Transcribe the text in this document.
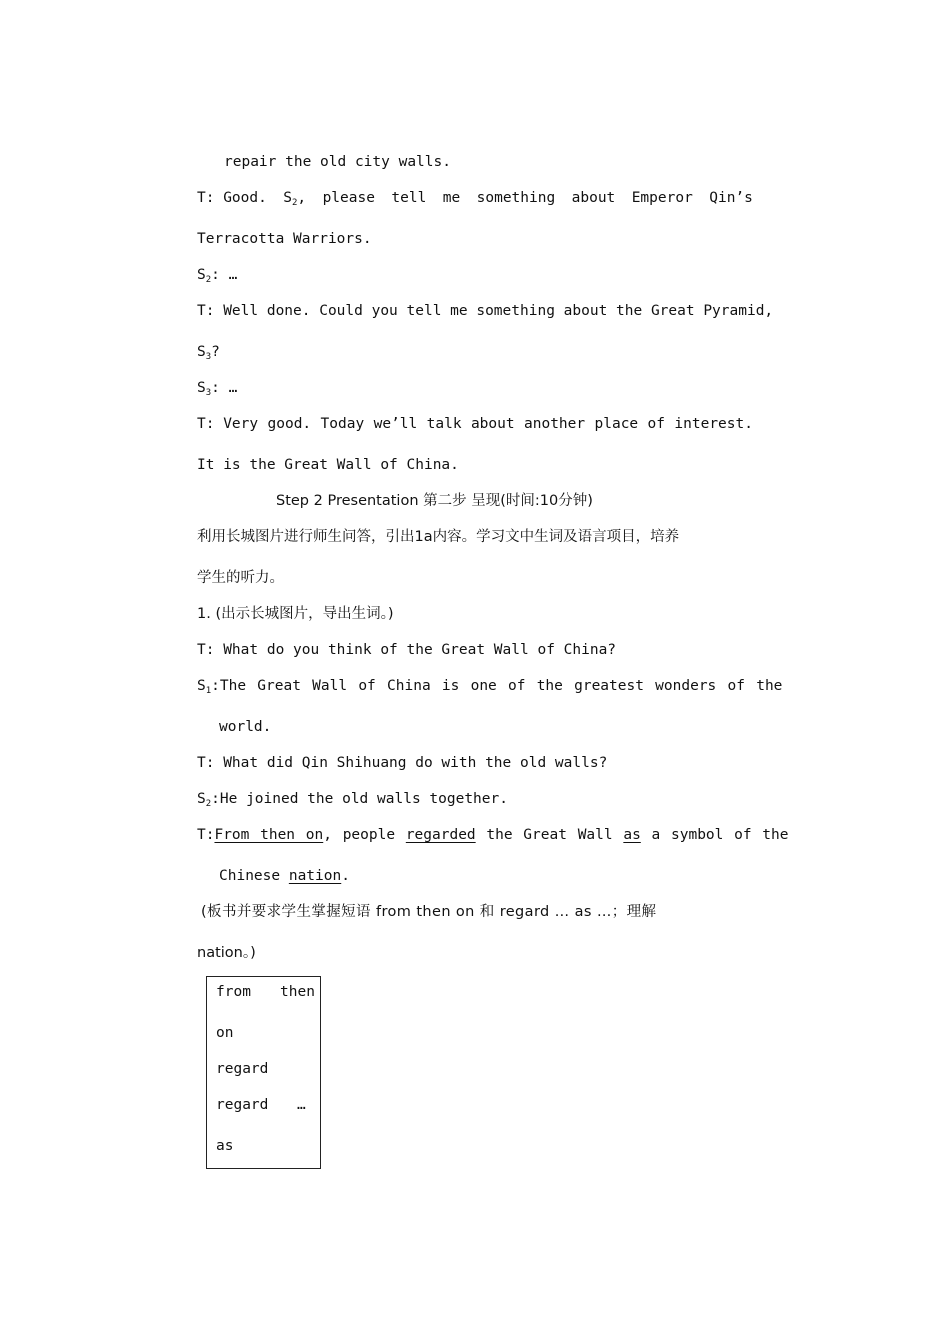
repair the old city walls.
T: Good. $S_2$, please tell me something about Emperor Qin’s
Terracotta Warriors.
$S_2$: …
T: Well done. Could you tell me something about the Great Pyramid,
$S_3$?
$S_3$: …
T: Very good. Today we’ll talk about another place of interest.
It is the Great Wall of China.
Step 2 Presentation 第二步 呈现(时间:10分钟)
利用长城图片进行师生问答，引出1a内容。学习文中生词及语言项目，培养
学生的听力。
1. (出示长城图片，导出生词。)
T: What do you think of the Great Wall of China?
$S_1:The$ Great Wall of China is one of the greatest wonders of the
world.
T: What did Qin Shihuang do with the old walls?
$S_2:He$ joined the old walls together.
T:From then on, people regarded the Great Wall as a symbol of the
Chinese nation.
(板书并要求学生掌握短语 from then on 和 regard … as …；理解
nation。)
from then
on
regard
regard …
as
